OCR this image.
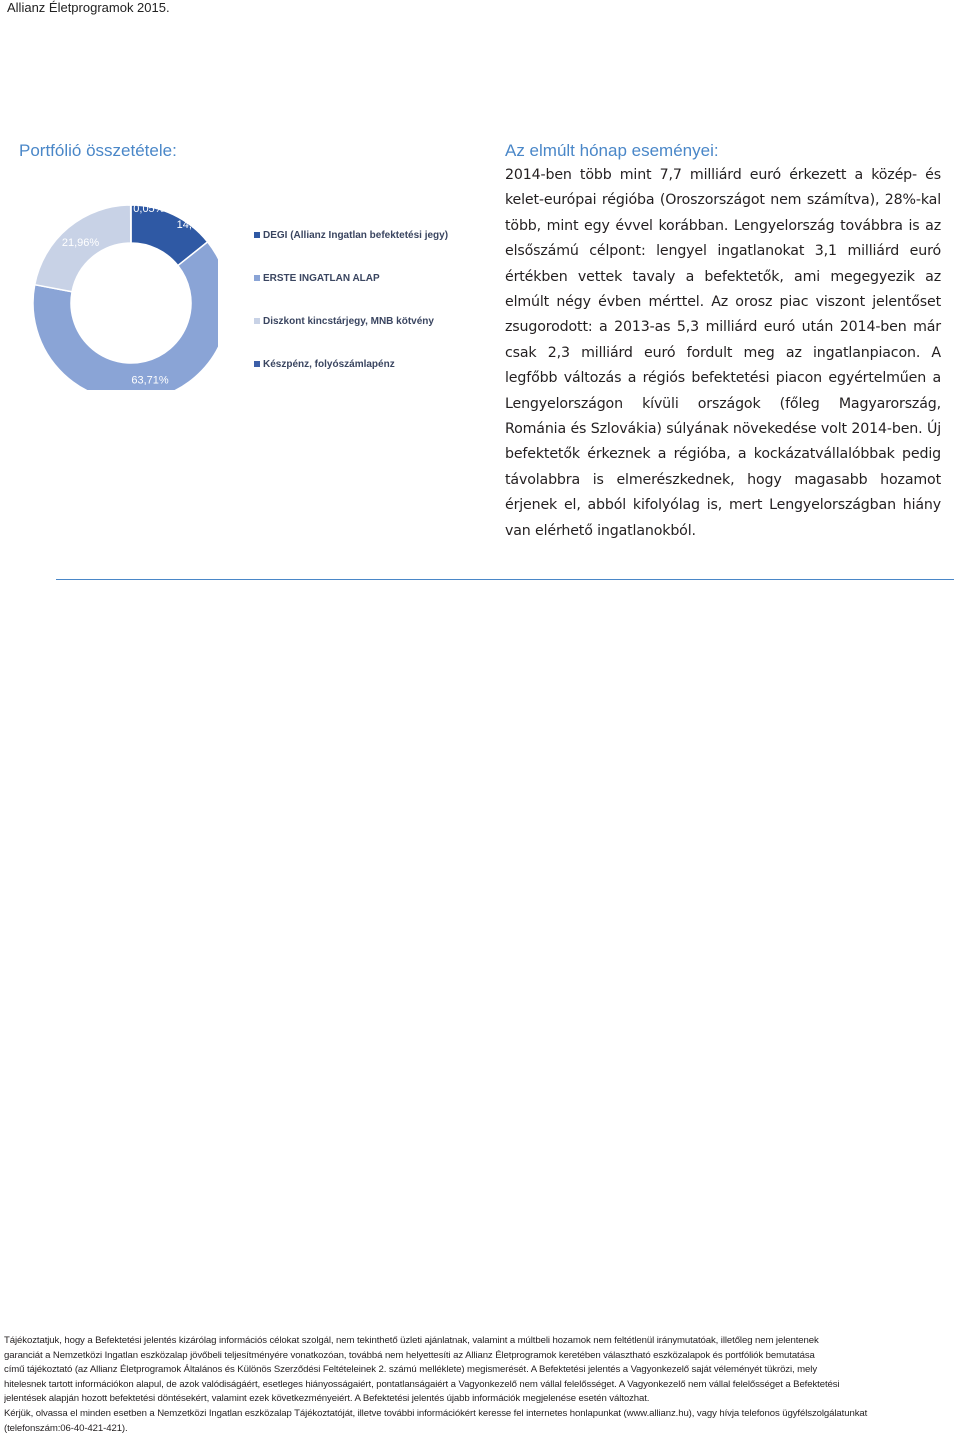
Allianz Életprogramok 2015.
Portfólió összetétele:
14,28%
63,71%
21,96%
0,05%
DEGI (Allianz Ingatlan befektetési jegy)
ERSTE INGATLAN ALAP
Diszkont kincstárjegy, MNB kötvény
Készpénz, folyószámlapénz
Az elmúlt hónap eseményei:
2014-ben több mint 7,7 milliárd euró érkezett a közép- és kelet-európai régióba (Oroszországot nem számítva), 28%-kal több, mint egy évvel korábban. Lengyelország továbbra is az elsőszámú célpont: lengyel ingatlanokat 3,1 milliárd euró értékben vettek tavaly a befektetők, ami megegyezik az elmúlt négy évben mérttel. Az orosz piac viszont jelentőset zsugorodott: a 2013-as 5,3 milliárd euró után 2014-ben már csak 2,3 milliárd euró fordult meg az ingatlanpiacon. A legfőbb változás a régiós befektetési piacon egyértelműen a Lengyelországon kívüli országok (főleg Magyarország, Románia és Szlovákia) súlyának növekedése volt 2014-ben. Új befektetők érkeznek a régióba, a kockázatvállalóbbak pedig távolabbra is elmerészkednek, hogy magasabb hozamot érjenek el, abból kifolyólag is, mert Lengyelországban hiány van elérhető ingatlanokból.
Tájékoztatjuk, hogy a Befektetési jelentés kizárólag információs célokat szolgál, nem tekinthető üzleti ajánlatnak, valamint a múltbeli hozamok nem feltétlenül iránymutatóak, illetőleg nem jelentenek
garanciát a Nemzetközi Ingatlan eszközalap jövőbeli teljesítményére vonatkozóan, továbbá nem helyettesíti az Allianz Életprogramok keretében választható eszközalapok és portfóliók bemutatása
című tájékoztató (az Allianz Életprogramok Általános és Különös Szerződési Feltételeinek 2. számú melléklete) megismerését. A Befektetési jelentés a Vagyonkezelő saját véleményét tükrözi, mely
hitelesnek tartott információkon alapul, de azok valódiságáért, esetleges hiányosságaiért, pontatlanságaiért a Vagyonkezelő nem vállal felelősséget. A Vagyonkezelő nem vállal felelősséget a Befektetési
jelentések alapján hozott befektetési döntésekért, valamint ezek következményeiért. A Befektetési jelentés újabb információk megjelenése esetén változhat.
Kérjük, olvassa el minden esetben a Nemzetközi Ingatlan eszközalap Tájékoztatóját, illetve további információkért keresse fel internetes honlapunkat (www.allianz.hu), vagy hívja telefonos ügyfélszolgálatunkat
(telefonszám:06-40-421-421).
